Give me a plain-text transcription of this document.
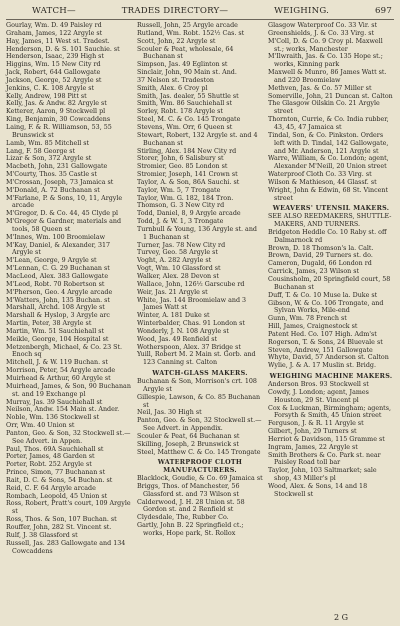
WATCH—	TRADES DIRECTORY—	WEIGHING.	697
Gourlay, Wm. D. 49 Paisley rd
Graham, James, 122 Argyle st
Hay, James, 11 West st. Tradest.
Henderson, D. & S. 101 Sauchie. st
Henderson, Isaac, 239 High st
Higgins, Wm. 15 New City rd
Jack, Robert, 644 Gallowgate
Jackson, George, 52 Argyle st
Jenkins, C. K. 108 Argyle st
Kelly, Andrew, 198 Pitt st
Kelly, Jas. & Andw. 82 Argyle st
Ketterer, Aaron, 9 Stockwell pl
King, Benjamin, 30 Cowcaddens
Laing, F. & R. Williamson, 53, 55 Brunswick st
Lamb, Wm. 85 Mitchell st
Lang, F. 58 George st
Lizar & Son, 372 Argyle st
Macbeth, John, 231 Gallowgate
M'Courty, Thos. 35 Castle st
M'Crossan, Joseph, 73 Jamaica st
M'Donald, A. 72 Buchanan st
M'Farlane, P. & Sons, 10, 11, Argyle arcade
M'Gregor, D. & Co. 44, 45 Clyde pl
M'Gregor & Gardner, materials and tools, 58 Queen st
M'Innes, Wm. 100 Broomielaw
M'Kay, Daniel, & Alexander, 317 Argyle st
M'Lean, George, 9 Argyle st
M'Lennan, C. G. 29 Buchanan st
MacLeod, Alex. 383 Gallowgate
M'Leod, Robt. 70 Robertson st
M'Pherson, Geo. 4 Argyle arcade
M'Watters, John, 135 Buchan. st
Marshall, Archd. 108 Argyle st
Marshall & Hyslop, 3 Argyle arc
Martin, Peter, 38 Argyle st
Martin, Wm. 51 Sauchiehall st
Meikle, George, 104 Hospital st
Metzenbergh, Michael, & Co. 23 St. Enoch sq
Mitchell, J. & W. 119 Buchan. st
Morrison, Peter, 54 Argyle arcade
Muirhead & Arthur, 60 Argyle st
Muirhead, James, & Son, 90 Buchanan st. and 19 Exchange pl
Murray, Jas. 39 Sauchiehall st
Neilson, Andw. 154 Main st. Ander.
Noble, Wm. 136 Stockwell st
Orr, Wm. 40 Union st
Panton, Geo. & Son, 32 Stockwell st.—See Advert. in Appen.
Paul, Thos. 69A Sauchiehall st
Porter, James, 48 Garden st
Porter, Robt. 252 Argyle st
Prince, Simon, 77 Buchanan st
Rait, D. C. & Sons, 54 Buchan. st
Reid, C. F. 64 Argyle arcade
Rombach, Leopold, 45 Union st
Ross, Robert, Pratt's court, 109 Argyle st
Ross, Thos. & Son, 107 Buchan. st
Rouffer, John, 282 St. Vincent st.
Rulf, J. 38 Glassford st
Russell, Jas. 283 Gallowgate and 134 Cowcaddens
Russell, John, 25 Argyle arcade
Rutland, Wm. Robt. 152½ Cas. st
Scott, John, 22 Argyle st
Scouler & Peat, wholesale, 64 Buchanan st
Simpson, Jas. 49 Eglinton st
Sinclair, John, 90 Main st. And.
37 Nelson st. Tradeston
Smith, Alex. 6 Croy pl
Smith, Jas. dealer, 55 Shuttle st
Smith, Wm. 86 Sauchiehall st
Sorley, Robt. 178 Argyle st
Steel, M. C. & Co. 145 Trongate
Stevens, Wm. Orr, 6 Queen st
Stewart, Robert, 132 Argyle st. and 4 Buchanan st
Stirling, Alex. 184 New City rd
Storer, John, 6 Salisbury st
Stromier, Geo. 85 London st
Stromier, Joseph, 141 Crown st
Taylor, A. & Son, 86A Sauchi. st
Taylor, Wm. 5, 7 Trongate
Taylor, Wm. G. 182, 184 Tron.
Thomson, G. 3 New City rd
Todd, Daniel, 8, 9 Argyle arcade
Todd, J. & W. 1, 3 Trongate
Turnbull & Young, 136 Argyle st. and 1 Buchanan st
Turner, Jas. 78 New City rd
Turvey, Geo. 58 Argyle st
Voght, A. 282 Argyle st
Vogt, Wm. 10 Glassford st
Walker, Alex. 28 Devon st
Wallace, John, 126½ Garscube rd
Weir, Jas. 21 Argyle st
White, Jas. 144 Broomielaw and 3 James Watt st
Winter, A. 181 Duke st
Winterbalder, Chas. 91 London st
Wonderly, J. N. 108 Argyle st
Wood, Jas. 49 Renfield st
Wotherspoon, Alex. 37 Bridge st
Yuill, Robert M. 2 Main st. Gorb. and 123 Canning st. Calton
WATCH-GLASS MAKERS.
Buchanan & Son, Morrison's crt. 108 Argyle st
Gillespie, Lawson, & Co. 85 Buchanan st
Neil, Jas. 30 High st
Panton, Geo. & Son, 32 Stockwell st.—See Advert. in Appendix.
Scouler & Peat, 64 Buchanan st
Skilling, Joseph, 2 Brunswick st
Steel, Matthew C. & Co. 145 Trongate
WATERPROOF CLOTH MANUFACTURERS.
Blacklock, Goudie, & Co. 69 Jamaica st
Briggs, Thos. of Manchester, 56 Glassford st. and 73 Wilson st
Calderwood, J. H. 28 Union st. 58 Gordon st. and 2 Renfield st
Clydesdale, The, Rubber Co.
Gartly, John B. 22 Springfield ct.; works, Hope park, St. Rollox
Glasgow Waterproof Co. 33 Vir. st
Greenshields, J. & Co. 33 Virg. st
M'Coll, D. & Co. 9 Croy pl. Maxwell st.; works, Manchester
M'Ilwraith, Jas. & Co. 135 Hope st.; works, Kinning park
Maxwell & Munro, 86 James Watt st. and 220 Broomielaw
Methven, Jas. & Co. 57 Miller st
Somerville, John, 21 Duncan st. Calton
The Glasgow Oilskin Co. 21 Argyle street
Thornton, Currie, & Co. India rubber, 43, 45, 47 Jamaica st
Tindal, Son, & Co. Pinkston. Orders left with D. Tindal, 142 Gallowgate, and Mr. Anderson, 121 Argyle st
Warre, William, & Co. London; agent, Alexander M'Neill, 20 Union street
Waterproof Cloth Co. 33 Virg. st
Wilson & Mathieson, 44 Glassf. st
Wright, John & Edwin, 68 St. Vincent street
WEAVERS' UTENSIL MAKERS.
SEE ALSO REEDMAKERS, SHUTTLE-MAKERS, AND TURNERS.
Bridgeton Heddle Co. 10 Raby st. off Dalmarnock rd
Brown, D. 18 Thomson's la. Calt.
Brown, David, 29 Turners st. do.
Cameron, Dugald, 66 London rd
Carrick, James, 23 Wilson st
Cousinsholm, 20 Springfield court, 58 Buchanan st
Duff, T. & Co. 10 Muse la. Duke st
Gibson, W. & Co. 106 Trongate, and Sylvan Works, Mile-end
Gunn, Wm. 78 French st
Hill, James, Craignestock st
Patent Hed. Co. 107 High. Adm'st
Rogerson, T. & Sons, 24 Bluevale st
Steven, Andrew, 151 Gallowgate
Whyte, David, 57 Anderson st. Calton
Wylie, J. & A. 17 Muslin st. Bridg.
WEIGHING MACHINE MAKERS.
Anderson Bros. 93 Stockwell st
Cowdy, J. London; agent, James Houston, 29 St. Vincent pl
Cox & Luckman, Birmingham; agents, Forsyth & Smith, 45 Union street
Ferguson, J. & R. 11 Argyle st
Gilbert, John, 29 Turners st
Herriot & Davidson, 115 Gramme st
Ingram, James, 22 Argyle st
Smith Brothers & Co. Park st. near Paisley Road toll bar
Taylor, John, 103 Saltmarket; sale shop, 43 Miller's pl
Wood, Alex. & Sons, 14 and 18 Stockwell st
2 G
